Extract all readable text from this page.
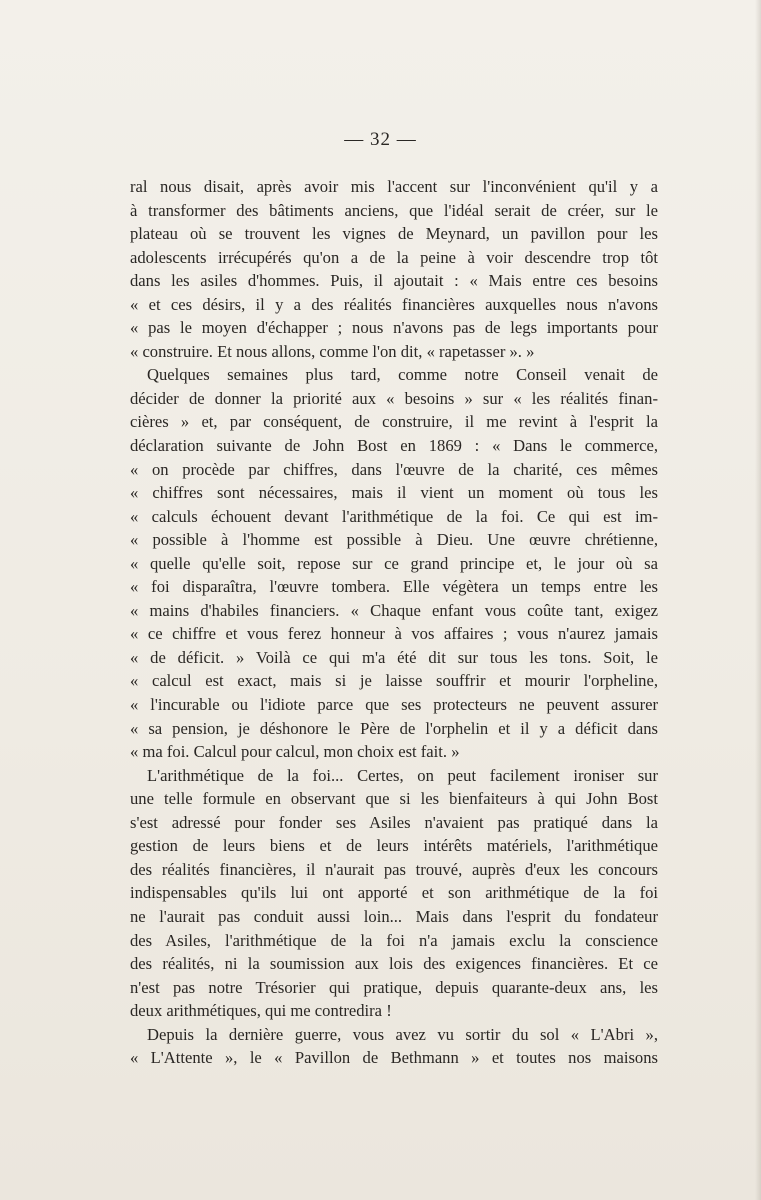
— 32 —
ral nous disait, après avoir mis l'accent sur l'inconvénient qu'il y a
à transformer des bâtiments anciens, que l'idéal serait de créer, sur le
plateau où se trouvent les vignes de Meynard, un pavillon pour les
adolescents irrécupérés qu'on a de la peine à voir descendre trop tôt
dans les asiles d'hommes. Puis, il ajoutait : « Mais entre ces besoins
« et ces désirs, il y a des réalités financières auxquelles nous n'avons
« pas le moyen d'échapper ; nous n'avons pas de legs importants pour
« construire. Et nous allons, comme l'on dit, « rapetasser ». »
Quelques semaines plus tard, comme notre Conseil venait de
décider de donner la priorité aux « besoins » sur « les réalités finan-
cières » et, par conséquent, de construire, il me revint à l'esprit la
déclaration suivante de John Bost en 1869 : « Dans le commerce,
« on procède par chiffres, dans l'œuvre de la charité, ces mêmes
« chiffres sont nécessaires, mais il vient un moment où tous les
« calculs échouent devant l'arithmétique de la foi. Ce qui est im-
« possible à l'homme est possible à Dieu. Une œuvre chrétienne,
« quelle qu'elle soit, repose sur ce grand principe et, le jour où sa
« foi disparaîtra, l'œuvre tombera. Elle végètera un temps entre les
« mains d'habiles financiers. « Chaque enfant vous coûte tant, exigez
« ce chiffre et vous ferez honneur à vos affaires ; vous n'aurez jamais
« de déficit. » Voilà ce qui m'a été dit sur tous les tons. Soit, le
« calcul est exact, mais si je laisse souffrir et mourir l'orpheline,
« l'incurable ou l'idiote parce que ses protecteurs ne peuvent assurer
« sa pension, je déshonore le Père de l'orphelin et il y a déficit dans
« ma foi. Calcul pour calcul, mon choix est fait. »
L'arithmétique de la foi... Certes, on peut facilement ironiser sur
une telle formule en observant que si les bienfaiteurs à qui John Bost
s'est adressé pour fonder ses Asiles n'avaient pas pratiqué dans la
gestion de leurs biens et de leurs intérêts matériels, l'arithmétique
des réalités financières, il n'aurait pas trouvé, auprès d'eux les concours
indispensables qu'ils lui ont apporté et son arithmétique de la foi
ne l'aurait pas conduit aussi loin... Mais dans l'esprit du fondateur
des Asiles, l'arithmétique de la foi n'a jamais exclu la conscience
des réalités, ni la soumission aux lois des exigences financières. Et ce
n'est pas notre Trésorier qui pratique, depuis quarante-deux ans, les
deux arithmétiques, qui me contredira !
Depuis la dernière guerre, vous avez vu sortir du sol « L'Abri »,
« L'Attente », le « Pavillon de Bethmann » et toutes nos maisons
